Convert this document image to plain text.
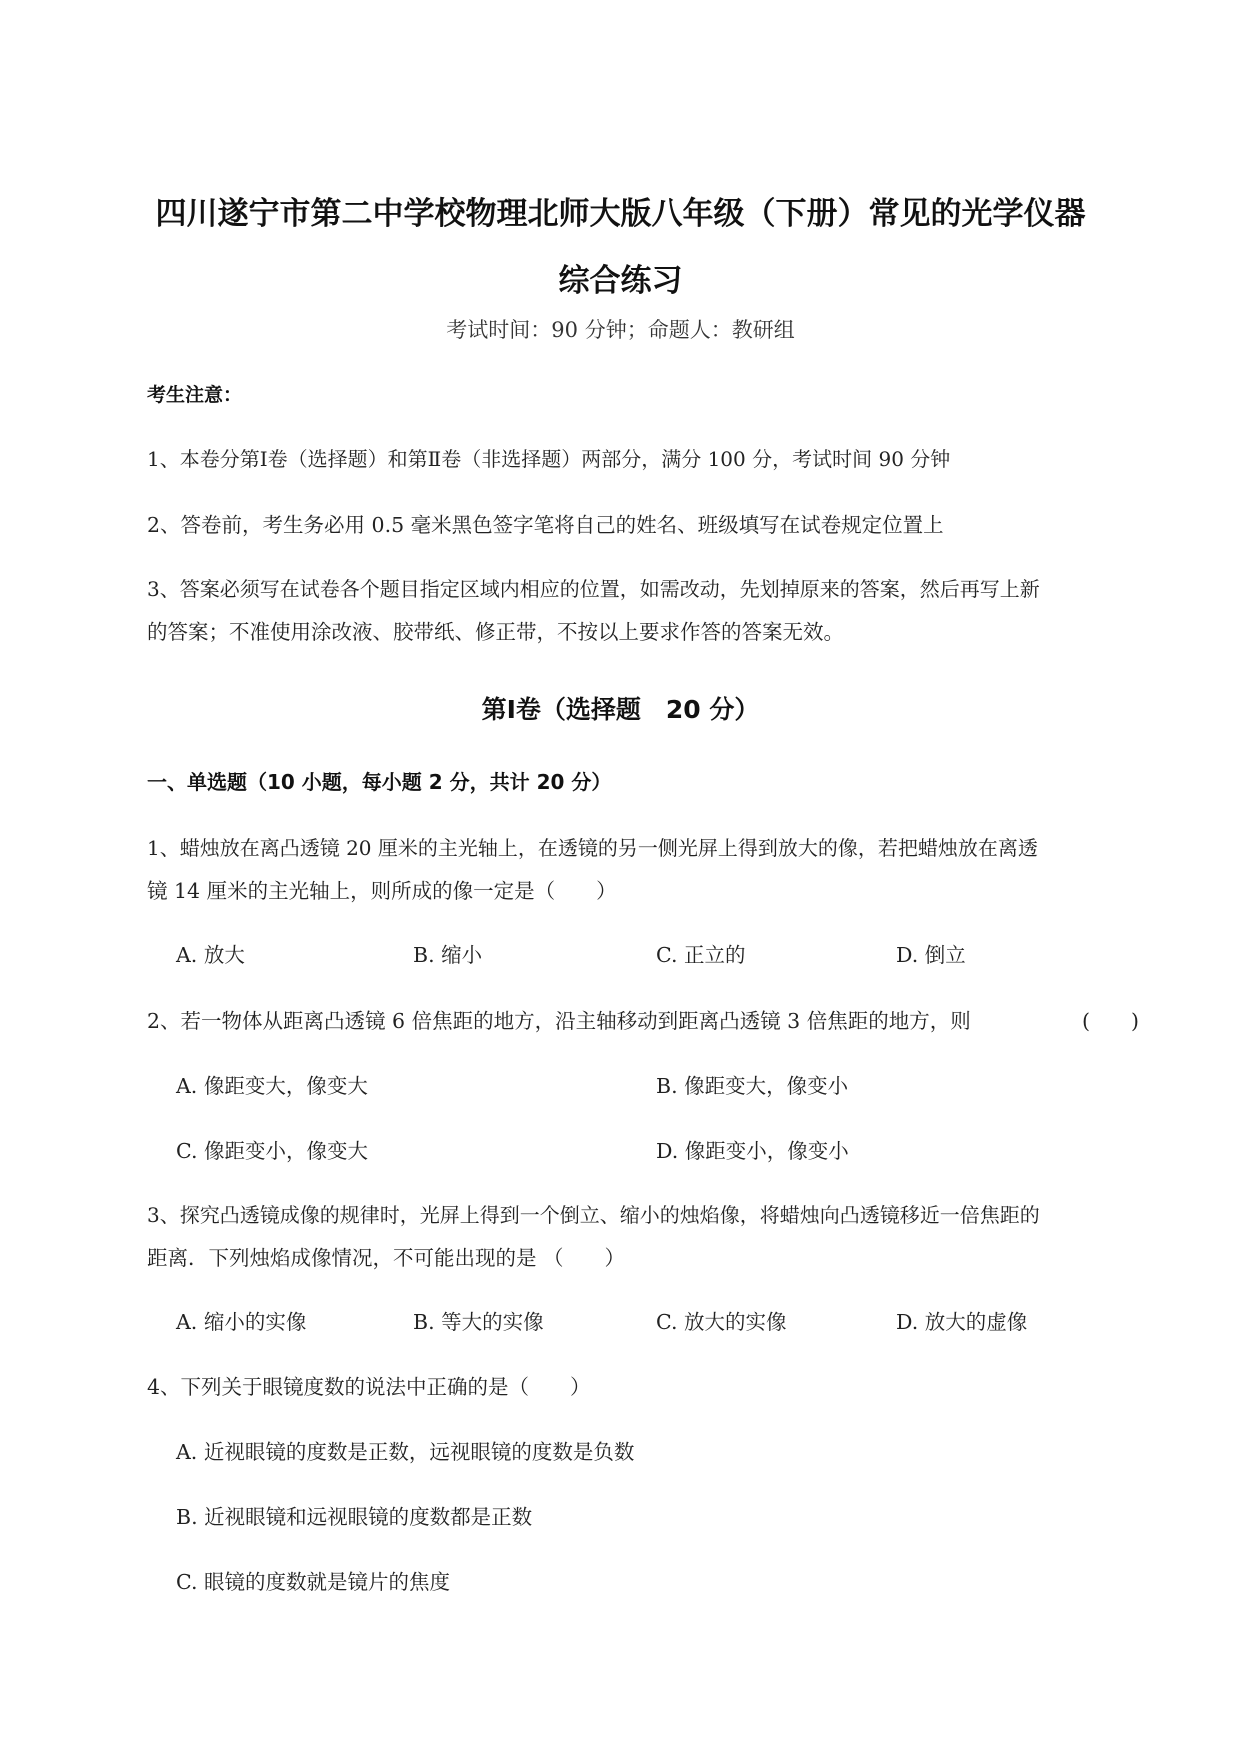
四川遂宁市第二中学校物理北师大版八年级（下册）常见的光学仪器
综合练习
考试时间：90 分钟；命题人：教研组
考生注意：
1、本卷分第Ⅰ卷（选择题）和第Ⅱ卷（非选择题）两部分，满分 100 分，考试时间 90 分钟
2、答卷前，考生务必用 0.5 毫米黑色签字笔将自己的姓名、班级填写在试卷规定位置上
3、答案必须写在试卷各个题目指定区域内相应的位置，如需改动，先划掉原来的答案，然后再写上新
的答案；不准使用涂改液、胶带纸、修正带，不按以上要求作答的答案无效。
第Ⅰ卷（选择题　20 分）
一、单选题（10 小题，每小题 2 分，共计 20 分）
1、蜡烛放在离凸透镜 20 厘米的主光轴上，在透镜的另一侧光屏上得到放大的像，若把蜡烛放在离透
镜 14 厘米的主光轴上，则所成的像一定是（　　）
A. 放大	B. 缩小	C. 正立的	D. 倒立
2、若一物体从距离凸透镜 6 倍焦距的地方，沿主轴移动到距离凸透镜 3 倍焦距的地方，则	(　　)
A. 像距变大，像变大	B. 像距变大，像变小
C. 像距变小，像变大	D. 像距变小，像变小
3、探究凸透镜成像的规律时，光屏上得到一个倒立、缩小的烛焰像，将蜡烛向凸透镜移近一倍焦距的
距离．下列烛焰成像情况，不可能出现的是 （　　）
A. 缩小的实像	B. 等大的实像	C. 放大的实像	D. 放大的虚像
4、下列关于眼镜度数的说法中正确的是（　　）
A. 近视眼镜的度数是正数，远视眼镜的度数是负数
B. 近视眼镜和远视眼镜的度数都是正数
C. 眼镜的度数就是镜片的焦度
